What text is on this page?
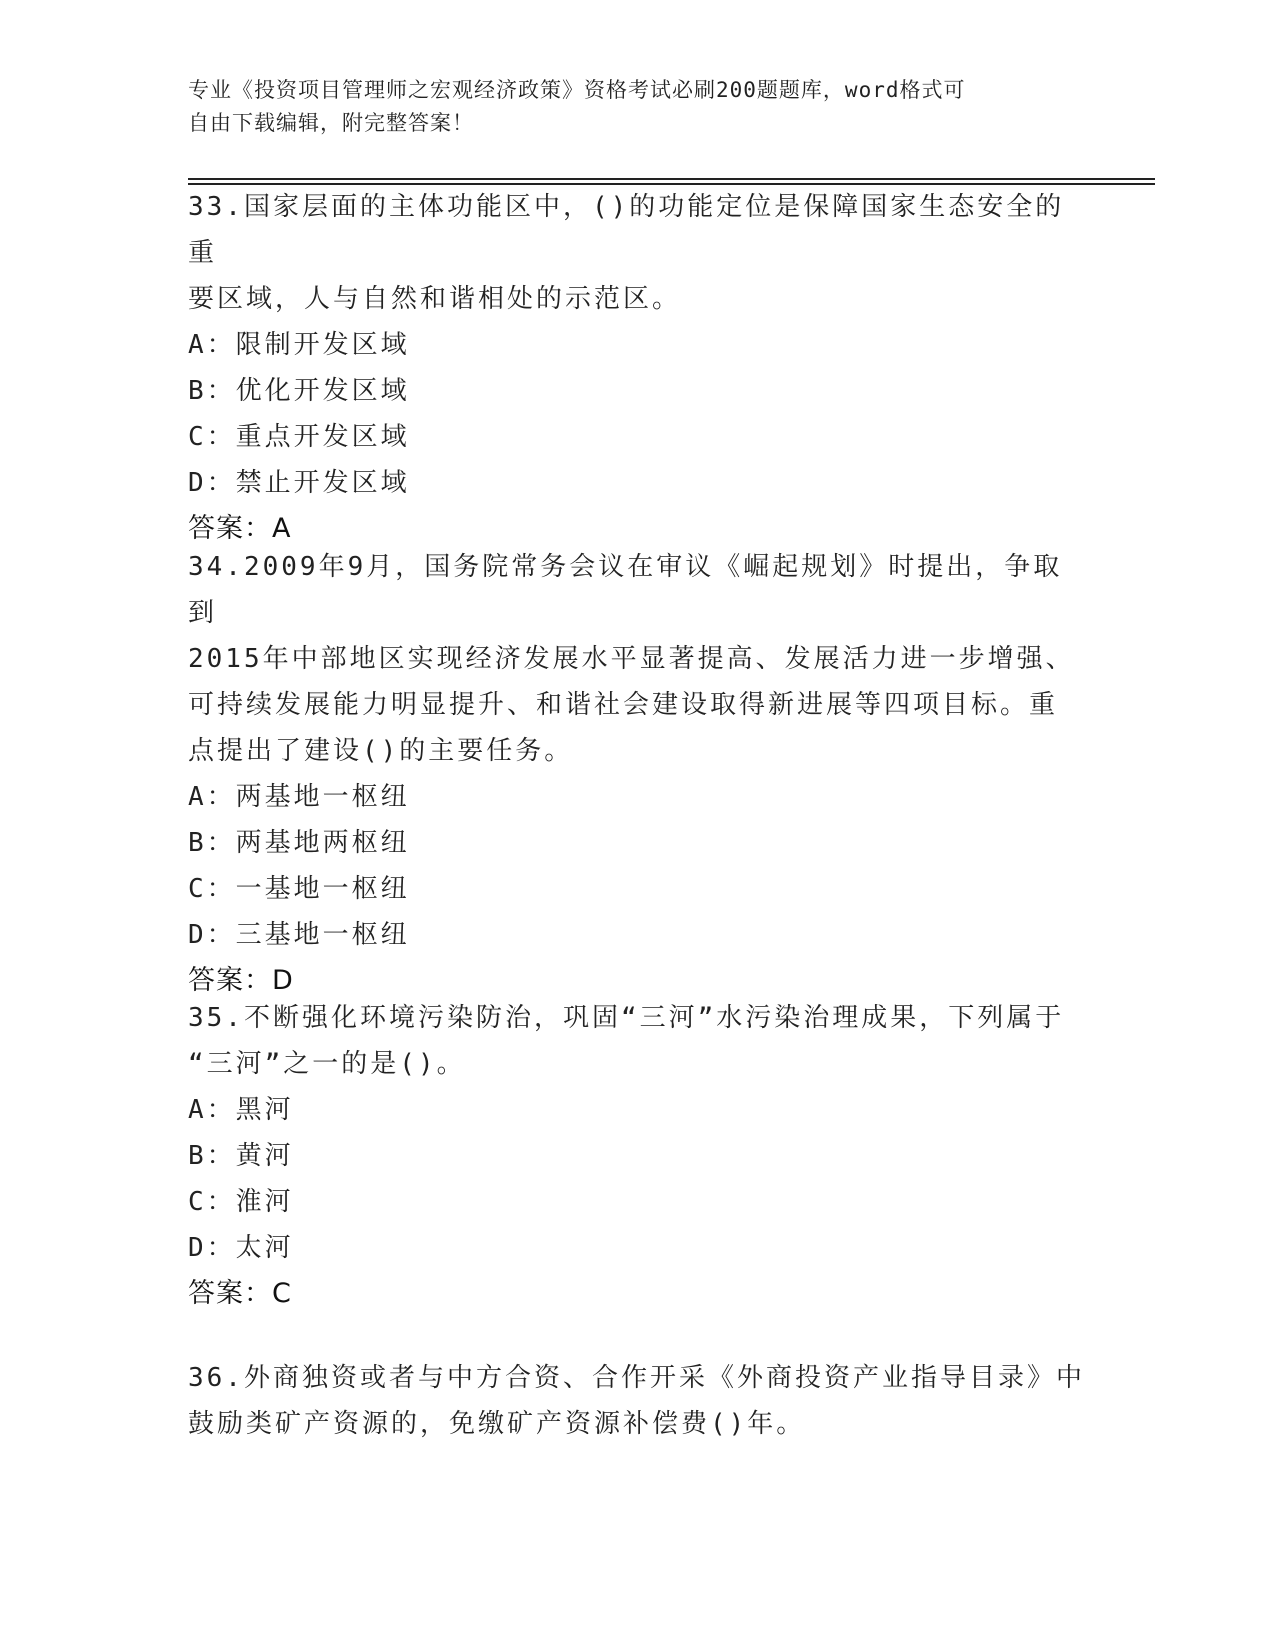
专业《投资项目管理师之宏观经济政策》资格考试必刷200题题库，word格式可
自由下载编辑，附完整答案！
33.国家层面的主体功能区中，()的功能定位是保障国家生态安全的重
要区域，人与自然和谐相处的示范区。
A：限制开发区域
B：优化开发区域
C：重点开发区域
D：禁止开发区域
答案：A
34.2009年9月，国务院常务会议在审议《崛起规划》时提出，争取到
2015年中部地区实现经济发展水平显著提高、发展活力进一步增强、
可持续发展能力明显提升、和谐社会建设取得新进展等四项目标。重
点提出了建设()的主要任务。
A：两基地一枢纽
B：两基地两枢纽
C：一基地一枢纽
D：三基地一枢纽
答案：D
35.不断强化环境污染防治，巩固“三河”水污染治理成果，下列属于
“三河”之一的是()。
A：黑河
B：黄河
C：淮河
D：太河
答案：C
36.外商独资或者与中方合资、合作开采《外商投资产业指导目录》中
鼓励类矿产资源的，免缴矿产资源补偿费()年。
